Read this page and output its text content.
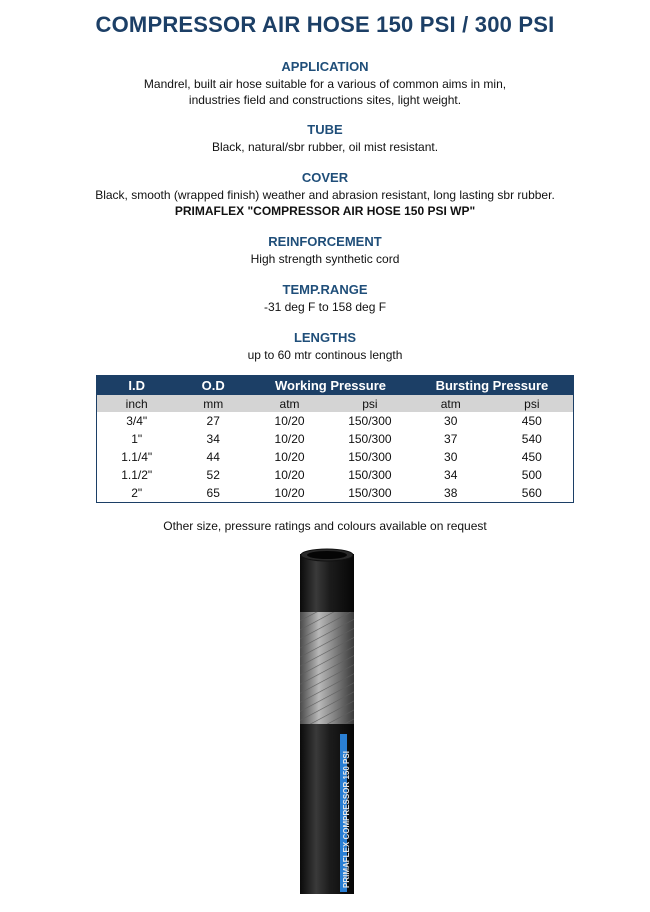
COMPRESSOR AIR HOSE 150 PSI / 300 PSI
APPLICATION
Mandrel, built air hose suitable for a various of common aims in min,
industries field and constructions sites, light weight.
TUBE
Black, natural/sbr rubber, oil mist resistant.
COVER
Black, smooth (wrapped finish) weather and abrasion resistant, long lasting sbr rubber.
PRIMAFLEX "COMPRESSOR AIR HOSE 150 PSI WP"
REINFORCEMENT
High strength synthetic cord
TEMP.RANGE
-31 deg F to 158 deg F
LENGTHS
up to 60 mtr continous length
I.D	O.D	Working Pressure		Bursting Pressure	
inch	mm	atm	psi	atm	psi
3/4"	27	10/20	150/300	30	450
1"	34	10/20	150/300	37	540
1.1/4"	44	10/20	150/300	30	450
1.1/2"	52	10/20	150/300	34	500
2"	65	10/20	150/300	38	560
Other size, pressure ratings and colours available on request
PRIMAFLEX COMPRESSOR 150 PSI
